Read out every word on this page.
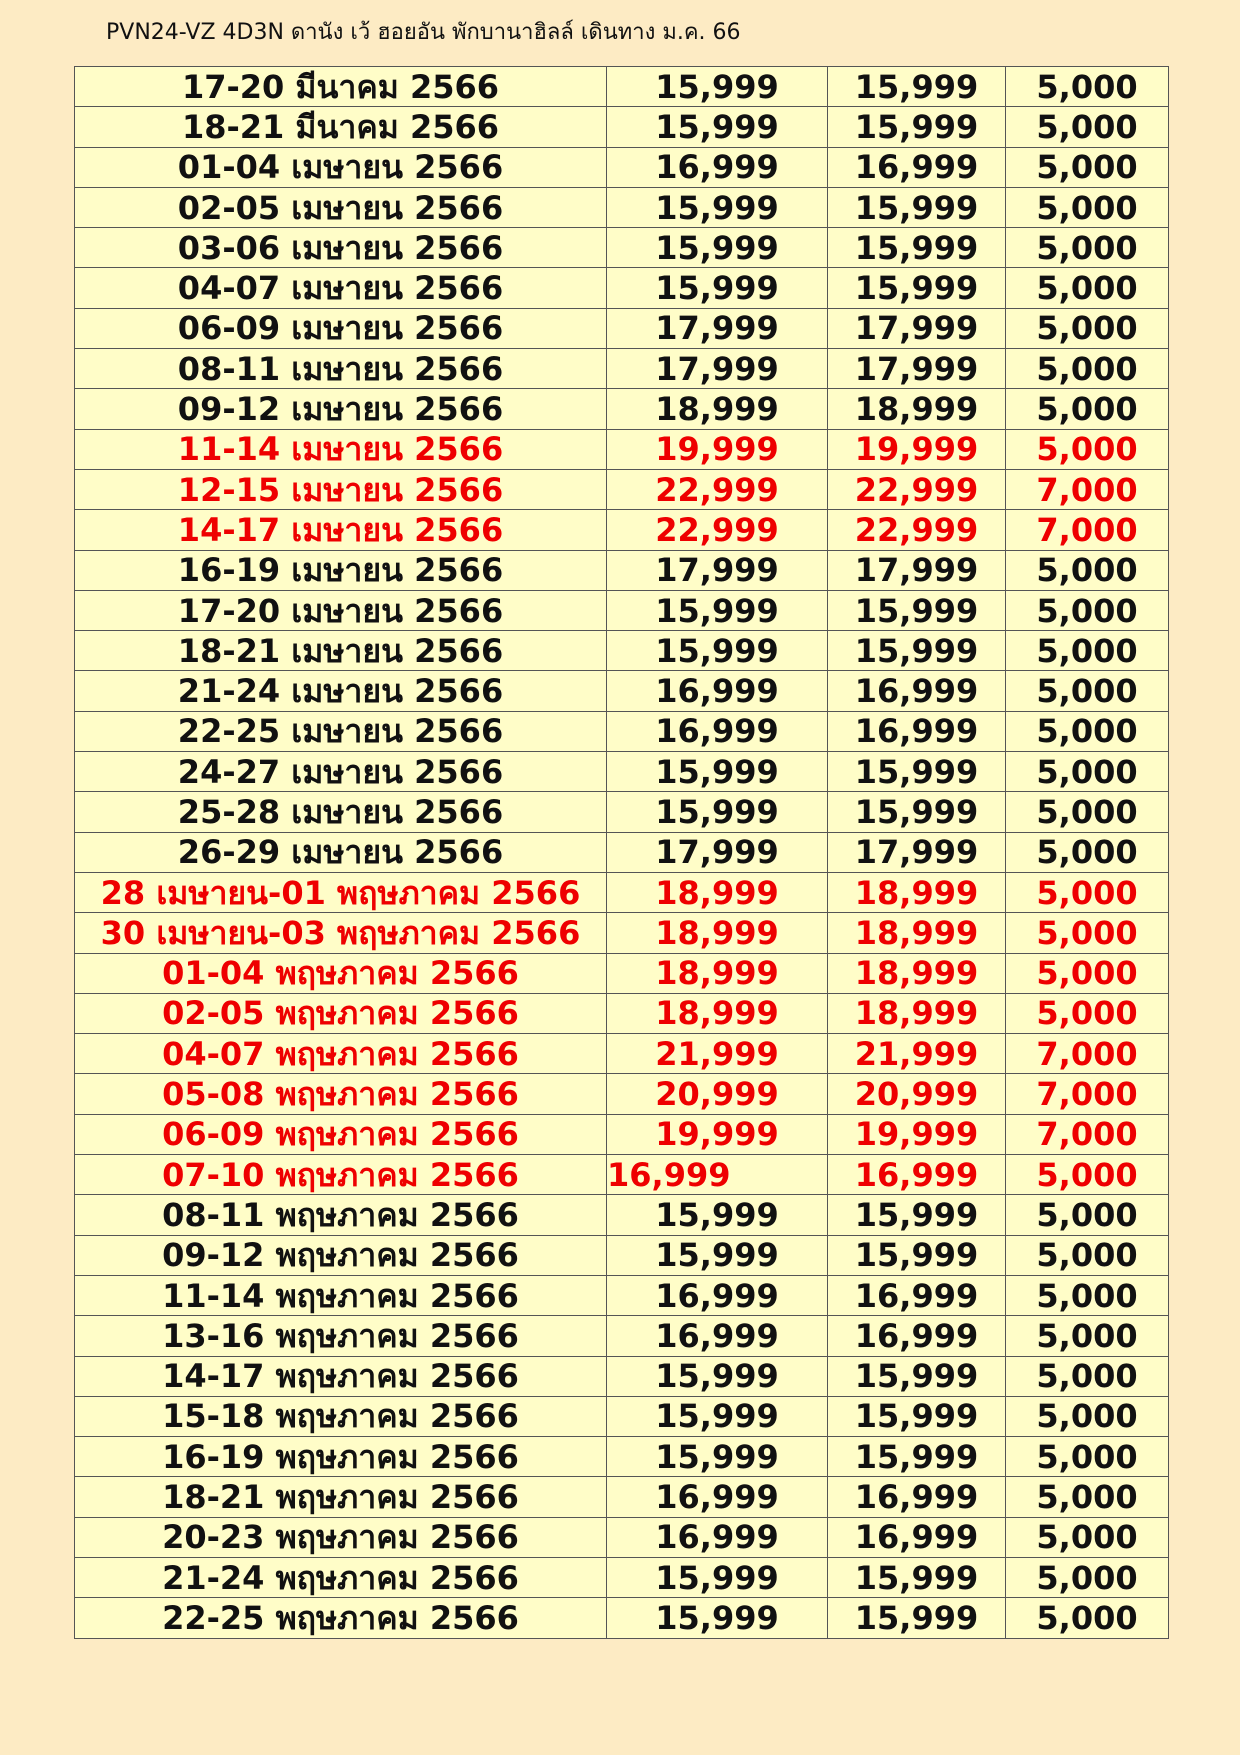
PVN24-VZ 4D3N ดานัง เว้ ฮอยอัน พักบานาฮิลล์ เดินทาง ม.ค. 66
17-20 มีนาคม 2566	15,999	15,999	5,000
18-21 มีนาคม 2566	15,999	15,999	5,000
01-04 เมษายน 2566	16,999	16,999	5,000
02-05 เมษายน 2566	15,999	15,999	5,000
03-06 เมษายน 2566	15,999	15,999	5,000
04-07 เมษายน 2566	15,999	15,999	5,000
06-09 เมษายน 2566	17,999	17,999	5,000
08-11 เมษายน 2566	17,999	17,999	5,000
09-12 เมษายน 2566	18,999	18,999	5,000
11-14 เมษายน 2566	19,999	19,999	5,000
12-15 เมษายน 2566	22,999	22,999	7,000
14-17 เมษายน 2566	22,999	22,999	7,000
16-19 เมษายน 2566	17,999	17,999	5,000
17-20 เมษายน 2566	15,999	15,999	5,000
18-21 เมษายน 2566	15,999	15,999	5,000
21-24 เมษายน 2566	16,999	16,999	5,000
22-25 เมษายน 2566	16,999	16,999	5,000
24-27 เมษายน 2566	15,999	15,999	5,000
25-28 เมษายน 2566	15,999	15,999	5,000
26-29 เมษายน 2566	17,999	17,999	5,000
28 เมษายน-01 พฤษภาคม 2566	18,999	18,999	5,000
30 เมษายน-03 พฤษภาคม 2566	18,999	18,999	5,000
01-04 พฤษภาคม 2566	18,999	18,999	5,000
02-05 พฤษภาคม 2566	18,999	18,999	5,000
04-07 พฤษภาคม 2566	21,999	21,999	7,000
05-08 พฤษภาคม 2566	20,999	20,999	7,000
06-09 พฤษภาคม 2566	19,999	19,999	7,000
07-10 พฤษภาคม 2566	16,999	16,999	5,000
08-11 พฤษภาคม 2566	15,999	15,999	5,000
09-12 พฤษภาคม 2566	15,999	15,999	5,000
11-14 พฤษภาคม 2566	16,999	16,999	5,000
13-16 พฤษภาคม 2566	16,999	16,999	5,000
14-17 พฤษภาคม 2566	15,999	15,999	5,000
15-18 พฤษภาคม 2566	15,999	15,999	5,000
16-19 พฤษภาคม 2566	15,999	15,999	5,000
18-21 พฤษภาคม 2566	16,999	16,999	5,000
20-23 พฤษภาคม 2566	16,999	16,999	5,000
21-24 พฤษภาคม 2566	15,999	15,999	5,000
22-25 พฤษภาคม 2566	15,999	15,999	5,000
